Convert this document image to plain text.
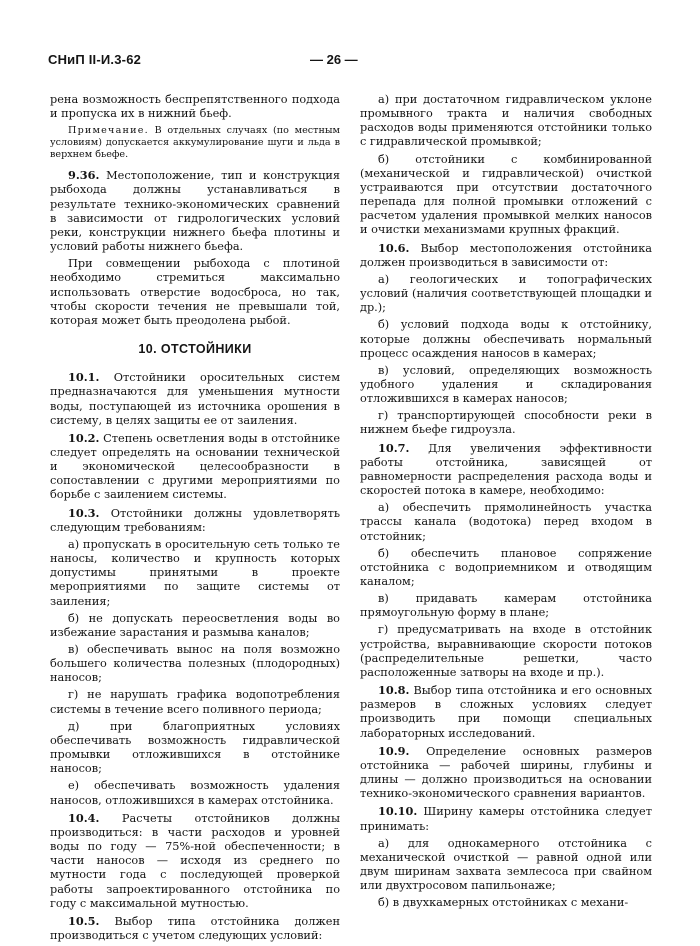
СНиП II-И.3-62	— 26 —

рена возможность беспрепятственного подхода и пропуска их в нижний бьеф.

Примечание. В отдельных случаях (по местным условиям) допускается аккумулирование шуги и льда в верхнем бьефе.

9.36. Местоположение, тип и конструкция рыбохода должны устанавливаться в результате технико-экономических сравнений в зависимости от гидрологических условий реки, конструкции нижнего бьефа плотины и условий работы нижнего бьефа.

При совмещении рыбохода с плотиной необходимо стремиться максимально использовать отверстие водосброса, но так, чтобы скорости течения не превышали той, которая может быть преодолена рыбой.

10. ОТСТОЙНИКИ

10.1. Отстойники оросительных систем предназначаются для уменьшения мутности воды, поступающей из источника орошения в систему, в целях защиты ее от заиления.

10.2. Степень осветления воды в отстойнике следует определять на основании технической и экономической целесообразности в сопоставлении с другими мероприятиями по борьбе с заилением системы.

10.3. Отстойники должны удовлетворять следующим требованиям:

а) пропускать в оросительную сеть только те наносы, количество и крупность которых допустимы принятыми в проекте мероприятиями по защите системы от заиления;

б) не допускать переосветления воды во избежание зарастания и размыва каналов;

в) обеспечивать вынос на поля возможно большего количества полезных (плодородных) наносов;

г) не нарушать графика водопотребления системы в течение всего поливного периода;

д) при благоприятных условиях обеспечивать возможность гидравлической промывки отложившихся в отстойнике наносов;

е) обеспечивать возможность удаления наносов, отложившихся в камерах отстойника.

10.4. Расчеты отстойников должны производиться: в части расходов и уровней воды по году — 75%-ной обеспеченности; в части наносов — исходя из среднего по мутности года с последующей проверкой работы запроектированного отстойника по году с максимальной мутностью.

10.5. Выбор типа отстойника должен производиться с учетом следующих условий:

а) при достаточном гидравлическом уклоне промывного тракта и наличия свободных расходов воды применяются отстойники только с гидравлической промывкой;

б) отстойники с комбинированной (механической и гидравлической) очисткой устраиваются при отсутствии достаточного перепада для полной промывки отложений с расчетом удаления промывкой мелких наносов и очистки механизмами крупных фракций.

10.6. Выбор местоположения отстойника должен производиться в зависимости от:

а) геологических и топографических условий (наличия соответствующей площадки и др.);

б) условий подхода воды к отстойнику, которые должны обеспечивать нормальный процесс осаждения наносов в камерах;

в) условий, определяющих возможность удобного удаления и складирования отложившихся в камерах наносов;

г) транспортирующей способности реки в нижнем бьефе гидроузла.

10.7. Для увеличения эффективности работы отстойника, зависящей от равномерности распределения расхода воды и скоростей потока в камере, необходимо:

а) обеспечить прямолинейность участка трассы канала (водотока) перед входом в отстойник;

б) обеспечить плановое сопряжение отстойника с водоприемником и отводящим каналом;

в) придавать камерам отстойника прямоугольную форму в плане;

г) предусматривать на входе в отстойник устройства, выравнивающие скорости потоков (распределительные решетки, часто расположенные затворы на входе и пр.).

10.8. Выбор типа отстойника и его основных размеров в сложных условиях следует производить при помощи специальных лабораторных исследований.

10.9. Определение основных размеров отстойника — рабочей ширины, глубины и длины — должно производиться на основании технико-экономического сравнения вариантов.

10.10. Ширину камеры отстойника следует принимать:

а) для однокамерного отстойника с механической очисткой — равной одной или двум ширинам захвата землесоса при свайном или двухтросовом папильонаже;

б) в двухкамерных отстойниках с механи-
